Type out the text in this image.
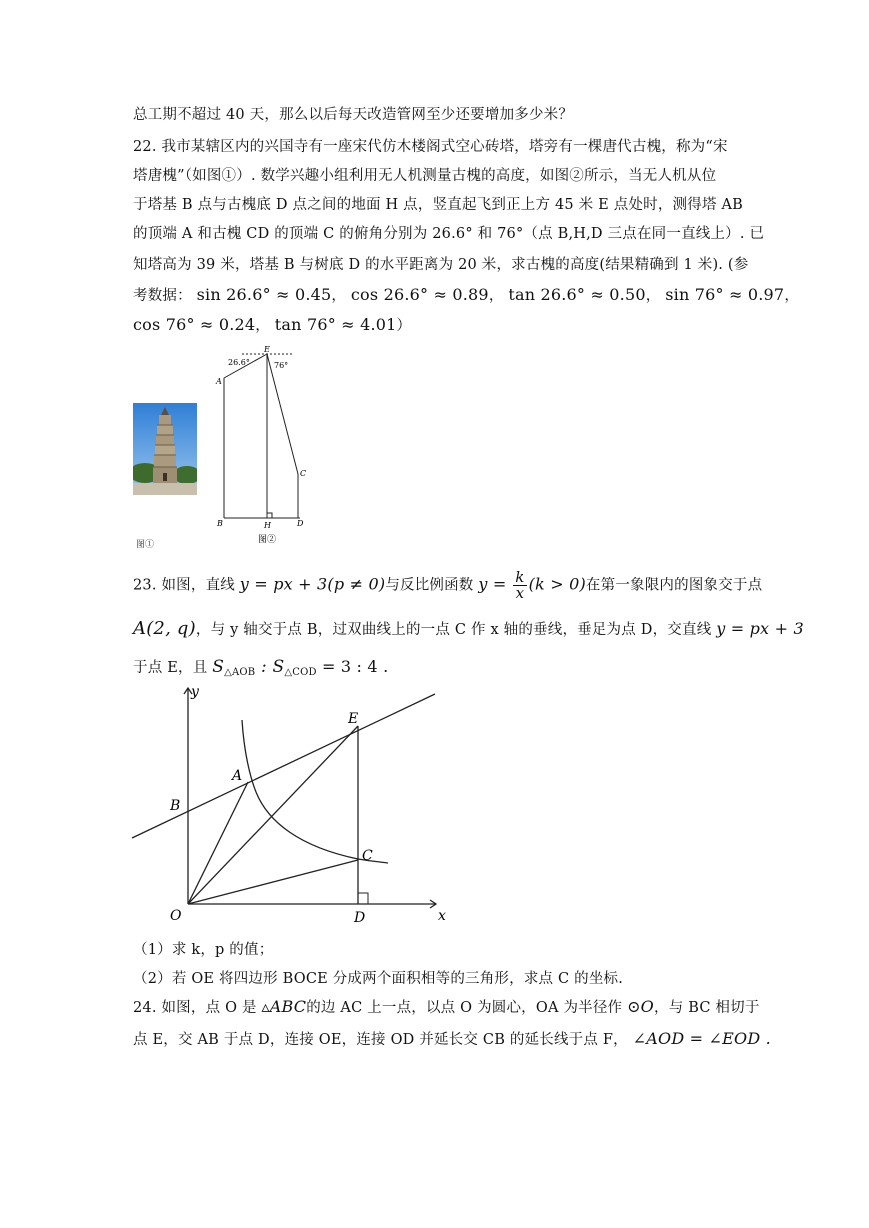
总工期不超过 40 天，那么以后每天改造管网至少还要增加多少米？
22. 我市某辖区内的兴国寺有一座宋代仿木楼阁式空心砖塔，塔旁有一棵唐代古槐，称为“宋
塔唐槐”（如图①）. 数学兴趣小组利用无人机测量古槐的高度，如图②所示，当无人机从位
于塔基 B 点与古槐底 D 点之间的地面 H 点，竖直起飞到正上方 45 米 E 点处时，测得塔 AB
的顶端 A 和古槐 CD 的顶端 C 的俯角分别为 26.6° 和 76°（点 B,H,D 三点在同一直线上）. 已
知塔高为 39 米，塔基 B 与树底 D 的水平距离为 20 米，求古槐的高度(结果精确到 1 米). (参
考数据： sin 26.6° ≈ 0.45， cos 26.6° ≈ 0.89， tan 26.6° ≈ 0.50， sin 76° ≈ 0.97，
cos 76° ≈ 0.24， tan 76° ≈ 4.01）
图①
26.6°	76°
A
B
C
D
E
H
图②
23. 如图，直线 y = px + 3(p ≠ 0)与反比例函数 $y = \frac{k}{x} (k > 0)$在第一象限内的图象交于点
A(2, q)，与 y 轴交于点 B，过双曲线上的一点 C 作 x 轴的垂线，垂足为点 D，交直线 y = px + 3
于点 E，且 $S_{\triangle AOB}$ : $S_{\triangle COD} = 3$ : 4 .
y
x
O
A
B
C
D
E
（1）求 k，p 的值；
（2）若 OE 将四边形 BOCE 分成两个面积相等的三角形，求点 C 的坐标.
24. 如图，点 O 是 ▵ABC的边 AC 上一点，以点 O 为圆心，OA 为半径作 ⊙O，与 BC 相切于
点 E，交 AB 于点 D，连接 OE，连接 OD 并延长交 CB 的延长线于点 F， ∠AOD = ∠EOD .
